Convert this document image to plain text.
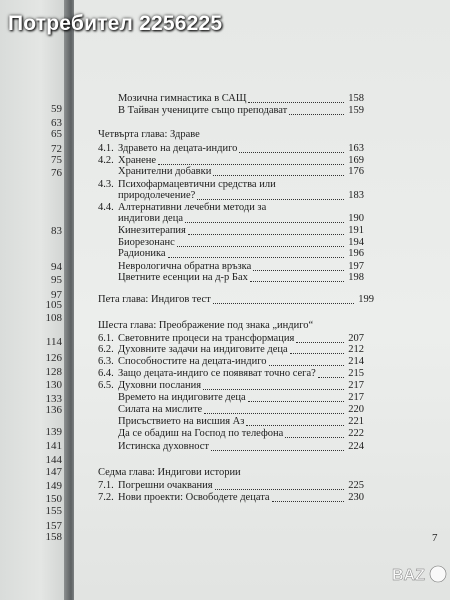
59
63
65
72
75
76
83
94
95
97
105
108
114
126
128
130
133
136
139
141
144
147
149
150
155
157
158
Мозична гимнастика в САЩ	158
В Тайван учениците също преподават	159
Четвърта глава: Здраве
4.1. Здравето на децата-индиго	163
4.2. Хранене	169
Хранителни добавки	176
4.3. Психофармацевтични средства или
природолечение?	183
4.4. Алтернативни лечебни методи за
индигови деца	190
Кинезитерапия	191
Биорезонанс	194
Радионика	196
Неврологична обратна връзка	197
Цветните есенции на д-р Бах	198
Пета глава: Индигов тест	199
Шеста глава: Преображение под знака „индиго“
6.1. Световните процеси на трансформация	207
6.2. Духовните задачи на индиговите деца	212
6.3. Способностите на децата-индиго	214
6.4. Защо децата-индиго се появяват точно сега?	215
6.5. Духовни послания	217
Времето на индиговите деца	217
Силата на мислите	220
Присъствието на висшия Аз	221
Да се обадиш на Господ по телефона	222
Истинска духовност	224
Седма глава: Индигови истории
7.1. Погрешни очаквания	225
7.2. Нови проекти: Освободете децата	230
7
Потребител 2256225
BAZ
